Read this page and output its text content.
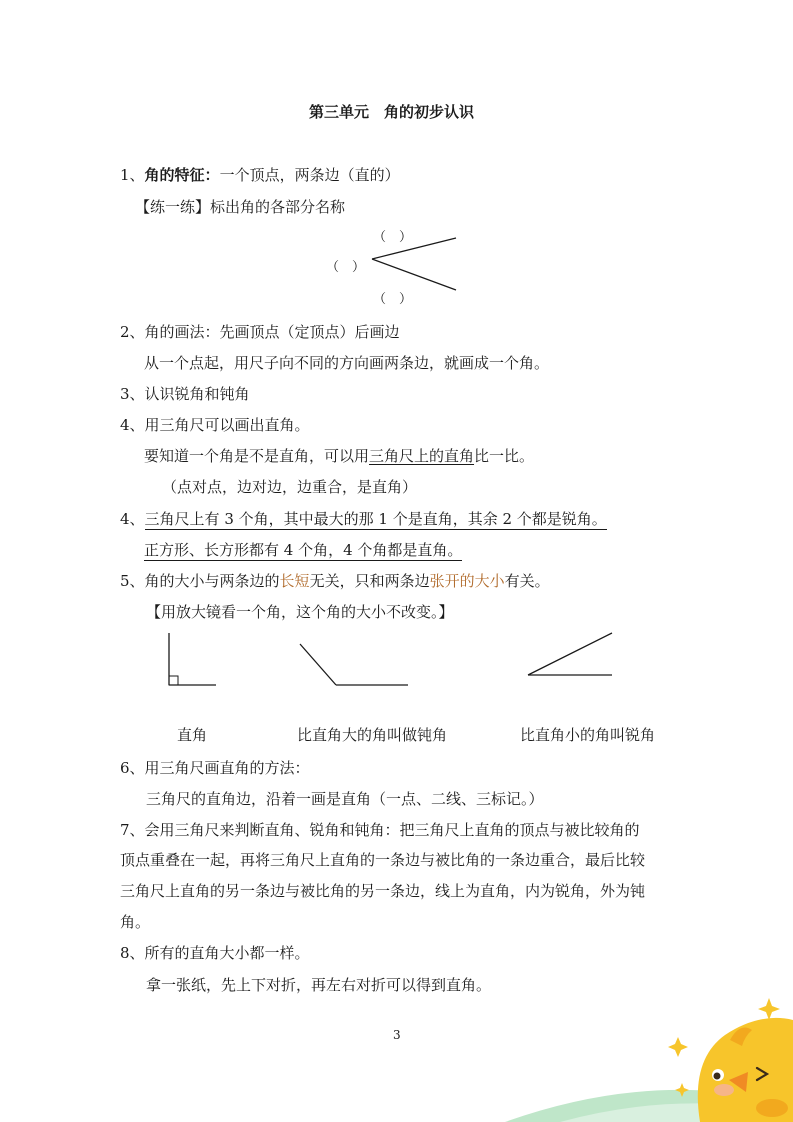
第三单元　角的初步认识
1、角的特征：一个顶点，两条边（直的）
【练一练】标出角的各部分名称
（　）
（　）
（　）
2、角的画法：先画顶点（定顶点）后画边
从一个点起，用尺子向不同的方向画两条边，就画成一个角。
3、认识锐角和钝角
4、用三角尺可以画出直角。
要知道一个角是不是直角，可以用三角尺上的直角比一比。
（点对点，边对边，边重合，是直角）
4、三角尺上有 3 个角，其中最大的那 1 个是直角，其余 2 个都是锐角。
正方形、长方形都有 4 个角，4 个角都是直角。
5、角的大小与两条边的长短无关，只和两条边张开的大小有关。
【用放大镜看一个角，这个角的大小不改变。】
直角	比直角大的角叫做钝角	比直角小的角叫锐角
6、用三角尺画直角的方法：
三角尺的直角边，沿着一画是直角（一点、二线、三标记。）
7、会用三角尺来判断直角、锐角和钝角：把三角尺上直角的顶点与被比较角的
顶点重叠在一起，再将三角尺上直角的一条边与被比角的一条边重合，最后比较
三角尺上直角的另一条边与被比角的另一条边，线上为直角，内为锐角，外为钝
角。
8、所有的直角大小都一样。
拿一张纸，先上下对折，再左右对折可以得到直角。
3
